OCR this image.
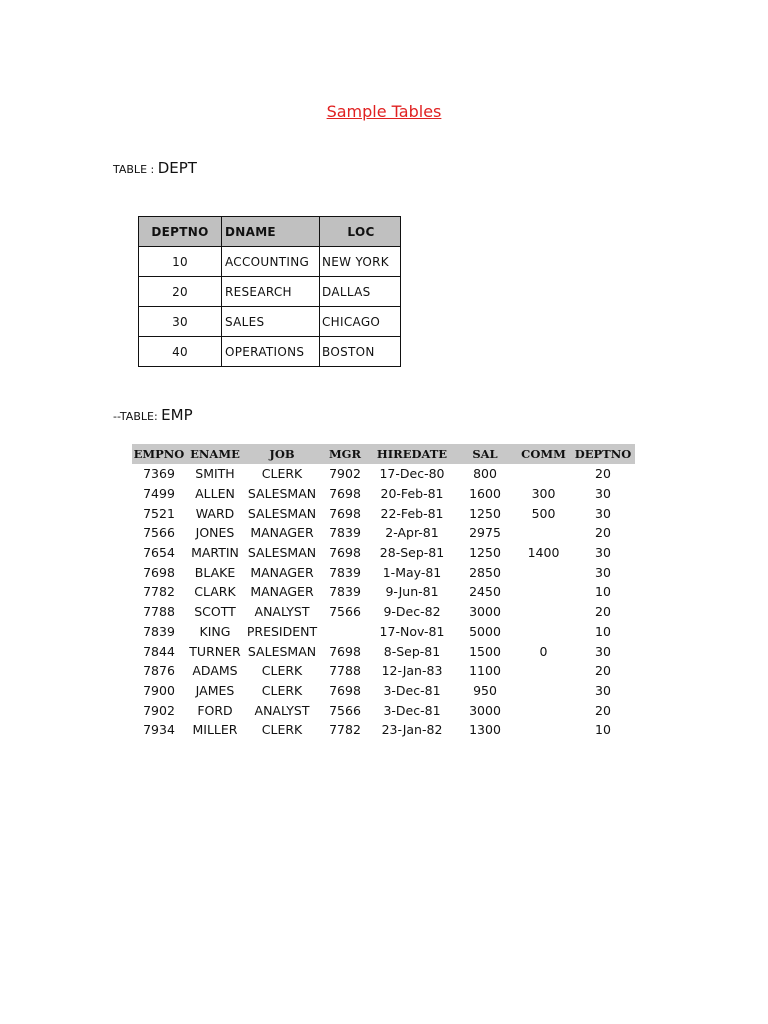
Sample Tables
TABLE : DEPT
DEPTNO	DNAME	LOC
10	ACCOUNTING	NEW YORK
20	RESEARCH	DALLAS
30	SALES	CHICAGO
40	OPERATIONS	BOSTON
--TABLE: EMP
EMPNO	ENAME	JOB	MGR	HIREDATE	SAL	COMM	DEPTNO
7369	SMITH	CLERK	7902	17-Dec-80	800		20
7499	ALLEN	SALESMAN	7698	20-Feb-81	1600	300	30
7521	WARD	SALESMAN	7698	22-Feb-81	1250	500	30
7566	JONES	MANAGER	7839	2-Apr-81	2975		20
7654	MARTIN	SALESMAN	7698	28-Sep-81	1250	1400	30
7698	BLAKE	MANAGER	7839	1-May-81	2850		30
7782	CLARK	MANAGER	7839	9-Jun-81	2450		10
7788	SCOTT	ANALYST	7566	9-Dec-82	3000		20
7839	KING	PRESIDENT		17-Nov-81	5000		10
7844	TURNER	SALESMAN	7698	8-Sep-81	1500	0	30
7876	ADAMS	CLERK	7788	12-Jan-83	1100		20
7900	JAMES	CLERK	7698	3-Dec-81	950		30
7902	FORD	ANALYST	7566	3-Dec-81	3000		20
7934	MILLER	CLERK	7782	23-Jan-82	1300		10
